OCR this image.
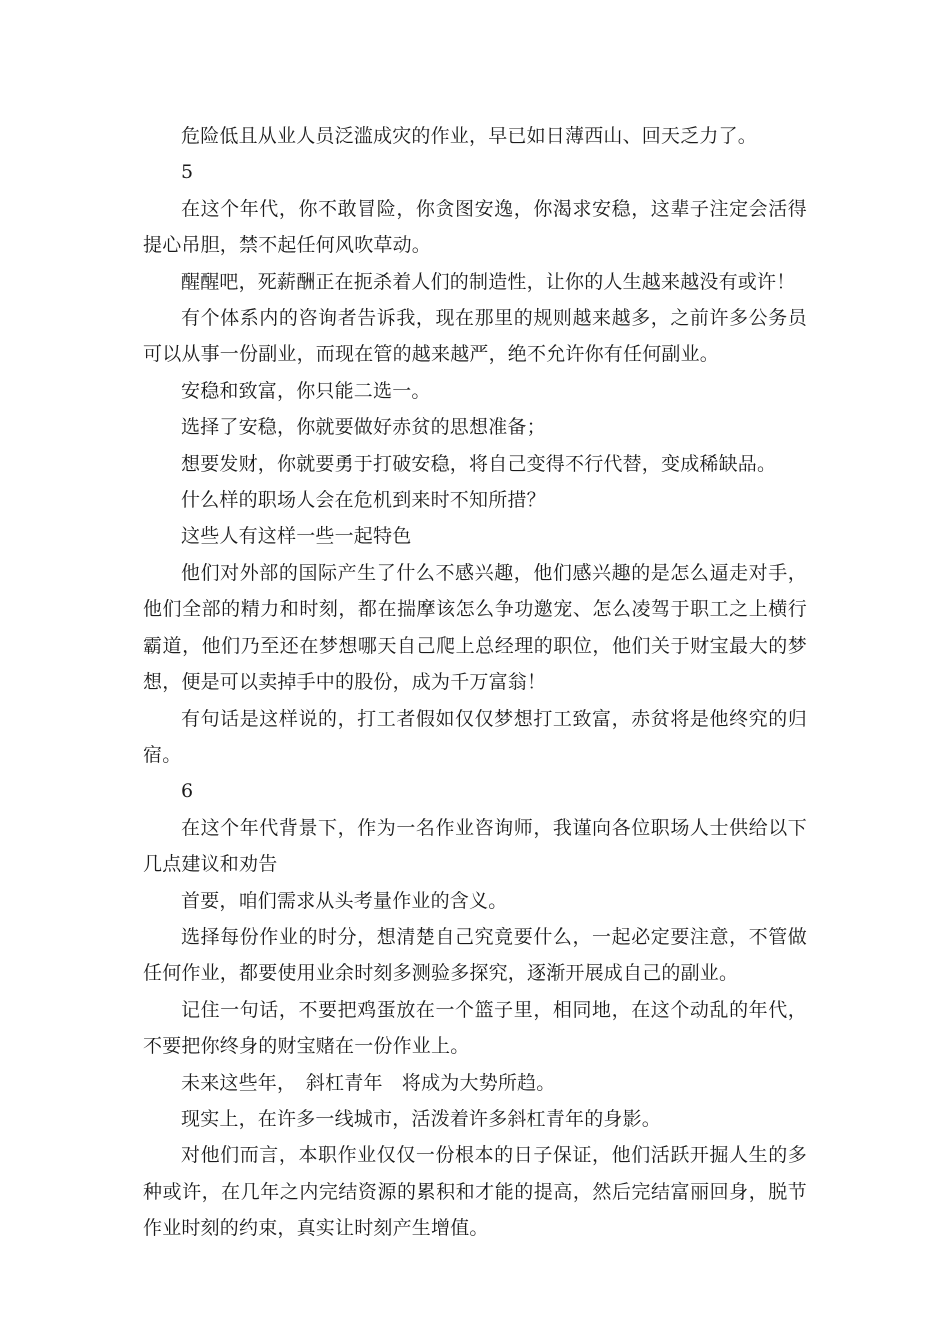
危险低且从业人员泛滥成灾的作业，早已如日薄西山、回天乏力了。

5

在这个年代，你不敢冒险，你贪图安逸，你渴求安稳，这辈子注定会活得提心吊胆，禁不起任何风吹草动。

醒醒吧，死薪酬正在扼杀着人们的制造性，让你的人生越来越没有或许！

有个体系内的咨询者告诉我，现在那里的规则越来越多，之前许多公务员可以从事一份副业，而现在管的越来越严，绝不允许你有任何副业。

安稳和致富，你只能二选一。

选择了安稳，你就要做好赤贫的思想准备；

想要发财，你就要勇于打破安稳，将自己变得不行代替，变成稀缺品。

什么样的职场人会在危机到来时不知所措？

这些人有这样一些一起特色

他们对外部的国际产生了什么不感兴趣，他们感兴趣的是怎么逼走对手，他们全部的精力和时刻，都在揣摩该怎么争功邀宠、怎么凌驾于职工之上横行霸道，他们乃至还在梦想哪天自己爬上总经理的职位，他们关于财宝最大的梦想，便是可以卖掉手中的股份，成为千万富翁！

有句话是这样说的，打工者假如仅仅梦想打工致富，赤贫将是他终究的归宿。

6

在这个年代背景下，作为一名作业咨询师，我谨向各位职场人士供给以下几点建议和劝告

首要，咱们需求从头考量作业的含义。

选择每份作业的时分，想清楚自己究竟要什么，一起必定要注意，不管做任何作业，都要使用业余时刻多测验多探究，逐渐开展成自己的副业。

记住一句话，不要把鸡蛋放在一个篮子里，相同地，在这个动乱的年代，不要把你终身的财宝赌在一份作业上。

未来这些年，　斜杠青年　将成为大势所趋。

现实上，在许多一线城市，活泼着许多斜杠青年的身影。

对他们而言，本职作业仅仅一份根本的日子保证，他们活跃开掘人生的多种或许，在几年之内完结资源的累积和才能的提高，然后完结富丽回身，脱节作业时刻的约束，真实让时刻产生增值。
